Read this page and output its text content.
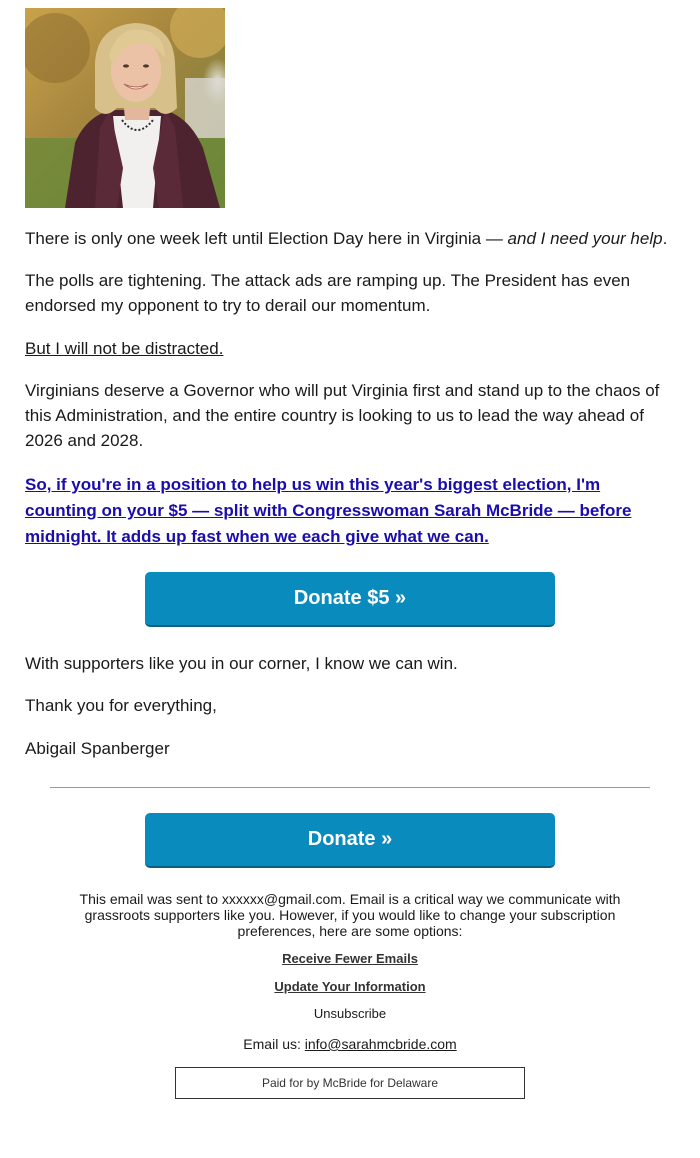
There is only one week left until Election Day here in Virginia — and I need your help.

The polls are tightening. The attack ads are ramping up. The President has even endorsed my opponent to try to derail our momentum.

But I will not be distracted.

Virginians deserve a Governor who will put Virginia first and stand up to the chaos of this Administration, and the entire country is looking to us to lead the way ahead of 2026 and 2028.

So, if you're in a position to help us win this year's biggest election, I'm counting on your $5 — split with Congresswoman Sarah McBride — before midnight. It adds up fast when we each give what we can.

Donate $5 »

With supporters like you in our corner, I know we can win.

Thank you for everything,

Abigail Spanberger

Donate »
This email was sent to xxxxxx@gmail.com. Email is a critical way we communicate with grassroots supporters like you. However, if you would like to change your subscription preferences, here are some options:
Receive Fewer Emails
Update Your Information
Unsubscribe
Email us: info@sarahmcbride.com
Paid for by McBride for Delaware
